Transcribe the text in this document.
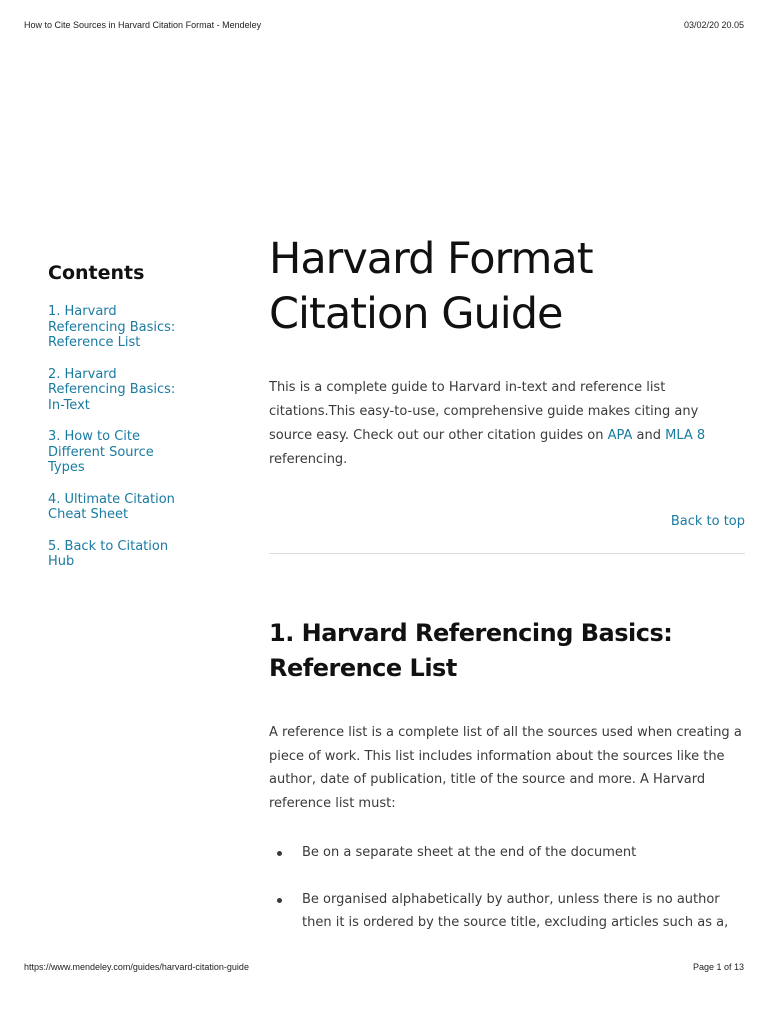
How to Cite Sources in Harvard Citation Format - Mendeley	03/02/20 20.05
Contents
1. Harvard Referencing Basics: Reference List
2. Harvard Referencing Basics: In-Text
3. How to Cite Different Source Types
4. Ultimate Citation Cheat Sheet
5. Back to Citation Hub
Harvard Format Citation Guide

This is a complete guide to Harvard in-text and reference list citations.This easy-to-use, comprehensive guide makes citing any source easy. Check out our other citation guides on APA and MLA 8 referencing.

Back to top
1. Harvard Referencing Basics: Reference List

A reference list is a complete list of all the sources used when creating a piece of work. This list includes information about the sources like the author, date of publication, title of the source and more. A Harvard reference list must:

Be on a separate sheet at the end of the document
Be organised alphabetically by author, unless there is no author then it is ordered by the source title, excluding articles such as a,
https://www.mendeley.com/guides/harvard-citation-guide	Page 1 of 13
